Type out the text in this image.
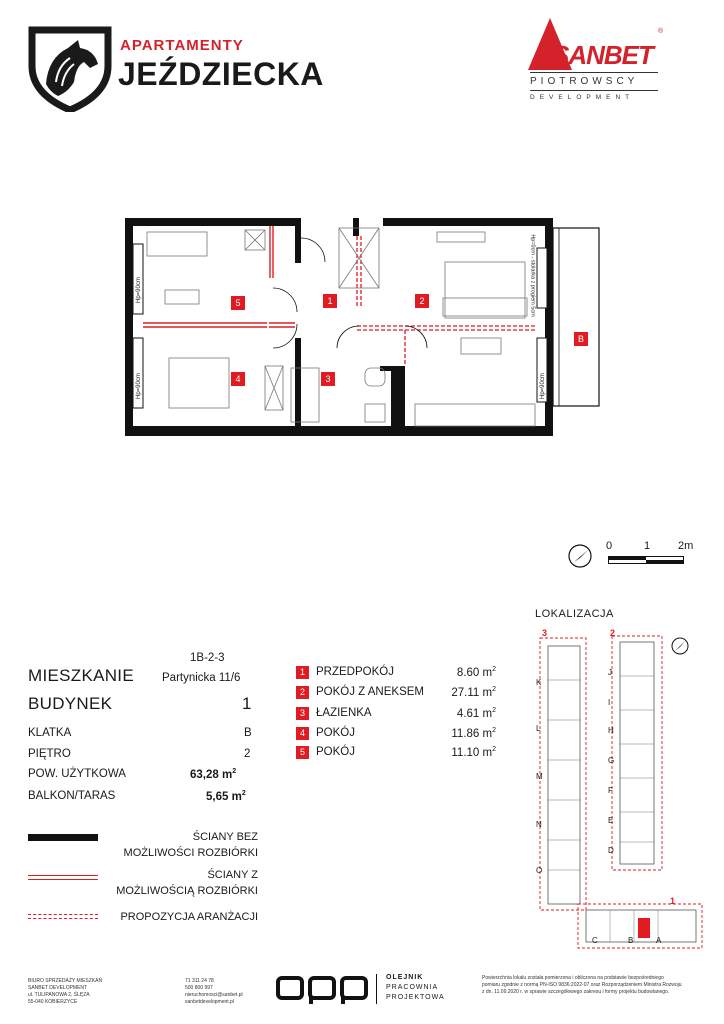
APARTAMENTY
JEŹDZIECKA
SANBET
®
PIOTROWSCY
DEVELOPMENT
5	1	2
4	3
B
Hp=90cm
Hp=90cm
Hp=0cm - stolarka z progiem 5cm
Hp=90cm
0	1	2m
LOKALIZACJA
3	2
1
K
L
M
N
O
J
I
H
G
F
E
D
C	B	A
1B-2-3
MIESZKANIE Partynicka 11/6
BUDYNEK	1
KLATKA	B
PIĘTRO	2
POW. UŻYTKOWA	63,28 $m^2$
BALKON/TARAS	5,65 $m^2$
1 PRZEDPOKÓJ	8.60 $m^2$
2 POKÓJ Z ANEKSEM 27.11 $m^2$
3 ŁAZIENKA	4.61 $m^2$
4 POKÓJ	11.86 $m^2$
5 POKÓJ	11.10 $m^2$
ŚCIANY BEZ
MOŻLIWOŚCI ROZBIÓRKI
ŚCIANY Z
MOŻLIWOŚCIĄ ROZBIÓRKI
PROPOZYCJA ARANŻACJI
BIURO SPRZEDAŻY MIESZKAŃ
SANBET DEVELOPMENT
ul. TULIPANOWA 2, ŚLĘZA
55-040 KOBIERZYCE
71 311 24 78
500 800 997
nieruchomosci@sanbet.pl
sanbetdevelopment.pl
OLEJNIK
PRACOWNIA
PROJEKTOWA
Powierzchnia lokalu została pomierzona i obliczona na podstawie bezpośredniego
pomiaru zgodnie z normą PN-ISO 9836:2022-07 oraz Rozporządzeniem Ministra Rozwoju
z dn. 11.09.2020 r. w sprawie szczegółowego zakresu i formy projektu budowlanego.
